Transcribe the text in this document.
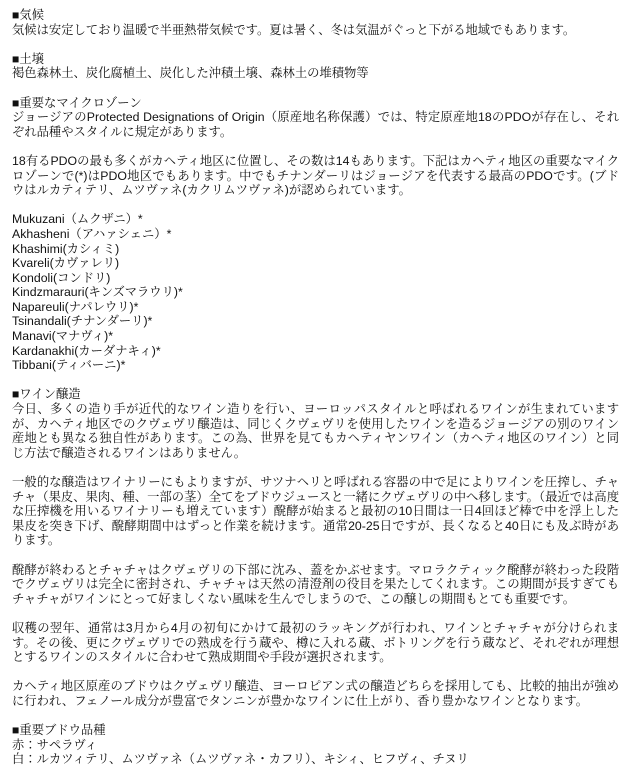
■気候

気候は安定しており温暖で半亜熱帯気候です。夏は暑く、冬は気温がぐっと下がる地域でもあります。

■土壌

褐色森林土、炭化腐植土、炭化した沖積土壌、森林土の堆積物等

■重要なマイクロゾーン

ジョージアのProtected Designations of Origin（原産地名称保護）では、特定原産地18のPDOが存在し、それぞれ品種やスタイルに規定があります。

18有るPDOの最も多くがカヘティ地区に位置し、その数は14もあります。下記はカヘティ地区の重要なマイクロゾーンで(*)はPDO地区でもあります。中でもチナンダーリはジョージアを代表する最高のPDOです。(ブドウはルカティテリ、ムツヴァネ(カクリムツヴァネ)が認められています。

Mukuzani（ムクザニ）*
Akhasheni（アハァシェニ）*
Khashimi(カシィミ)
Kvareli(カヴァレリ)
Kondoli(コンドリ)
Kindzmarauri(キンズマラウリ)*
Napareuli(ナパレウリ)*
Tsinandali(チナンダーリ)*
Manavi(マナヴィ)*
Kardanakhi(カーダナキィ)*
Tibbani(ティバーニ)*
■ワイン醸造

今日、多くの造り手が近代的なワイン造りを行い、ヨーロッパスタイルと呼ばれるワインが生まれていますが、カヘティ地区でのクヴェヴリ醸造は、同じくクヴェヴリを使用したワインを造るジョージアの別のワイン産地とも異なる独自性があります。この為、世界を見てもカヘティヤンワイン（カヘティ地区のワイン）と同じ方法で醸造されるワインはありません。

一般的な醸造はワイナリーにもよりますが、サツナヘリと呼ばれる容器の中で足によりワインを圧搾し、チャチャ（果皮、果肉、種、一部の茎）全てをブドウジュースと一緒にクヴェヴリの中へ移します。（最近では高度な圧搾機を用いるワイナリーも増えています）醗酵が始まると最初の10日間は一日4回ほど棒で中を浮上した果皮を突き下げ、醗酵期間中はずっと作業を続けます。通常20-25日ですが、長くなると40日にも及ぶ時があります。

醗酵が終わるとチャチャはクヴェヴリの下部に沈み、蓋をかぶせます。マロラクティック醗酵が終わった段階でクヴェヴリは完全に密封され、チャチャは天然の清澄剤の役目を果たしてくれます。この期間が長すぎてもチャチャがワインにとって好ましくない風味を生んでしまうので、この醸しの期間もとても重要です。

収穫の翌年、通常は3月から4月の初旬にかけて最初のラッキングが行われ、ワインとチャチャが分けられます。その後、更にクヴェヴリでの熟成を行う蔵や、樽に入れる蔵、ボトリングを行う蔵など、それぞれが理想とするワインのスタイルに合わせて熟成期間や手段が選択されます。

カヘティ地区原産のブドウはクヴェヴリ醸造、ヨーロピアン式の醸造どちらを採用しても、比較的抽出が強めに行われ、フェノール成分が豊富でタンニンが豊かなワインに仕上がり、香り豊かなワインとなります。

■重要ブドウ品種
赤：サペラヴィ
白：ルカツィテリ、ムツヴァネ（ムツヴァネ・カフリ）、キシィ、ヒフヴィ、チヌリ
